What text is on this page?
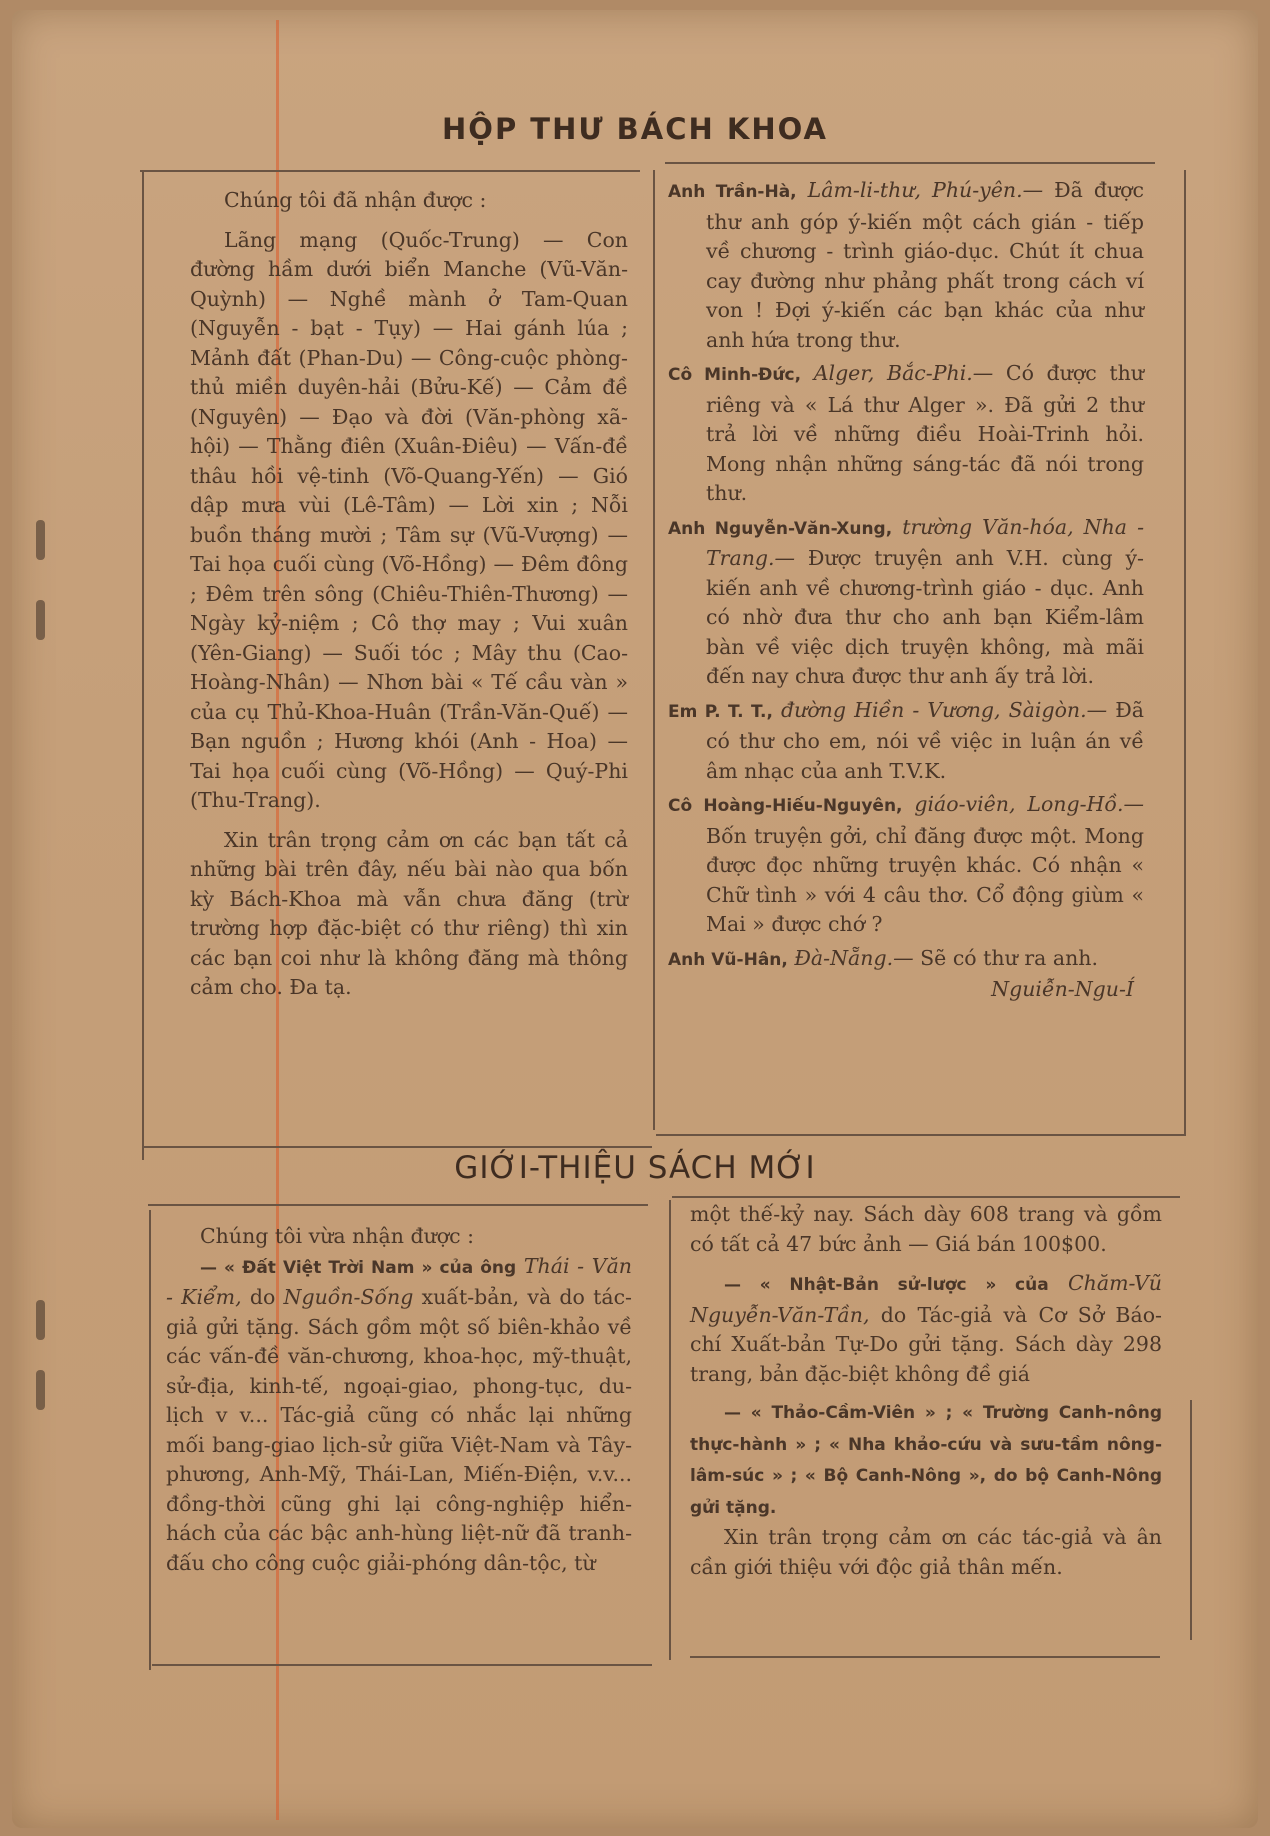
HỘP THƯ BÁCH KHOA

Chúng tôi đã nhận được :

Lãng mạng (Quốc-Trung) — Con đường hầm dưới biển Manche (Vũ-Văn-Quỳnh) — Nghề mành ở Tam-Quan (Nguyễn - bạt - Tụy) — Hai gánh lúa ; Mảnh đất (Phan-Du) — Công-cuộc phòng-thủ miền duyên-hải (Bửu-Kế) — Cảm đề (Nguyên) — Đạo và đời (Văn-phòng xã-hội) — Thằng điên (Xuân-Điêu) — Vấn-đề thâu hồi vệ-tinh (Võ-Quang-Yến) — Gió dập mưa vùi (Lê-Tâm) — Lời xin ; Nỗi buồn tháng mười ; Tâm sự (Vũ-Vượng) — Tai họa cuối cùng (Võ-Hồng) — Đêm đông ; Đêm trên sông (Chiêu-Thiên-Thương) — Ngày kỷ-niệm ; Cô thợ may ; Vui xuân (Yên-Giang) — Suối tóc ; Mây thu (Cao-Hoàng-Nhân) — Nhơn bài « Tế cầu vàn » của cụ Thủ-Khoa-Huân (Trần-Văn-Quế) — Bạn nguồn ; Hương khói (Anh - Hoa) — Tai họa cuối cùng (Võ-Hồng) — Quý-Phi (Thu-Trang).

Xin trân trọng cảm ơn các bạn tất cả những bài trên đây, nếu bài nào qua bốn kỳ Bách-Khoa mà vẫn chưa đăng (trừ trường hợp đặc-biệt có thư riêng) thì xin các bạn coi như là không đăng mà thông cảm cho. Đa tạ.

Anh Trần-Hà, Lâm-li-thư, Phú-yên.— Đã được thư anh góp ý-kiến một cách gián - tiếp về chương - trình giáo-dục. Chút ít chua cay đường như phảng phất trong cách ví von ! Đợi ý-kiến các bạn khác của như anh hứa trong thư.

Cô Minh-Đức, Alger, Bắc-Phi.— Có được thư riêng và « Lá thư Alger ». Đã gửi 2 thư trả lời về những điều Hoài-Trinh hỏi. Mong nhận những sáng-tác đã nói trong thư.

Anh Nguyễn-Văn-Xung, trường Văn-hóa, Nha - Trang.— Được truyện anh V.H. cùng ý-kiến anh về chương-trình giáo - dục. Anh có nhờ đưa thư cho anh bạn Kiểm-lâm bàn về việc dịch truyện không, mà mãi đến nay chưa được thư anh ấy trả lời.

Em P. T. T., đường Hiền - Vương, Sàigòn.— Đã có thư cho em, nói về việc in luận án về âm nhạc của anh T.V.K.

Cô Hoàng-Hiếu-Nguyên, giáo-viên, Long-Hồ.— Bốn truyện gởi, chỉ đăng được một. Mong được đọc những truyện khác. Có nhận « Chữ tình » với 4 câu thơ. Cổ động giùm « Mai » được chớ ?

Anh Vũ-Hân, Đà-Nẵng.— Sẽ có thư ra anh.

Nguiễn-Ngu-Í

GIỚI-THIỆU SÁCH MỚI

Chúng tôi vừa nhận được :

— « Đất Việt Trời Nam » của ông Thái - Văn - Kiểm, do Nguồn-Sống xuất-bản, và do tác-giả gửi tặng. Sách gồm một số biên-khảo về các vấn-đề văn-chương, khoa-học, mỹ-thuật, sử-địa, kinh-tế, ngoại-giao, phong-tục, du-lịch v v... Tác-giả cũng có nhắc lại những mối bang-giao lịch-sử giữa Việt-Nam và Tây-phương, Anh-Mỹ, Thái-Lan, Miến-Điện, v.v... đồng-thời cũng ghi lại công-nghiệp hiển-hách của các bậc anh-hùng liệt-nữ đã tranh-đấu cho công cuộc giải-phóng dân-tộc, từ

một thế-kỷ nay. Sách dày 608 trang và gồm có tất cả 47 bức ảnh — Giá bán 100$00.

— « Nhật-Bản sử-lược » của Chăm-Vũ Nguyễn-Văn-Tần, do Tác-giả và Cơ Sở Báo-chí Xuất-bản Tự-Do gửi tặng. Sách dày 298 trang, bản đặc-biệt không đề giá

— « Thảo-Cầm-Viên » ; « Trường Canh-nông thực-hành » ; « Nha khảo-cứu và sưu-tầm nông-lâm-súc » ; « Bộ Canh-Nông », do bộ Canh-Nông gửi tặng.

Xin trân trọng cảm ơn các tác-giả và ân cần giới thiệu với độc giả thân mến.
